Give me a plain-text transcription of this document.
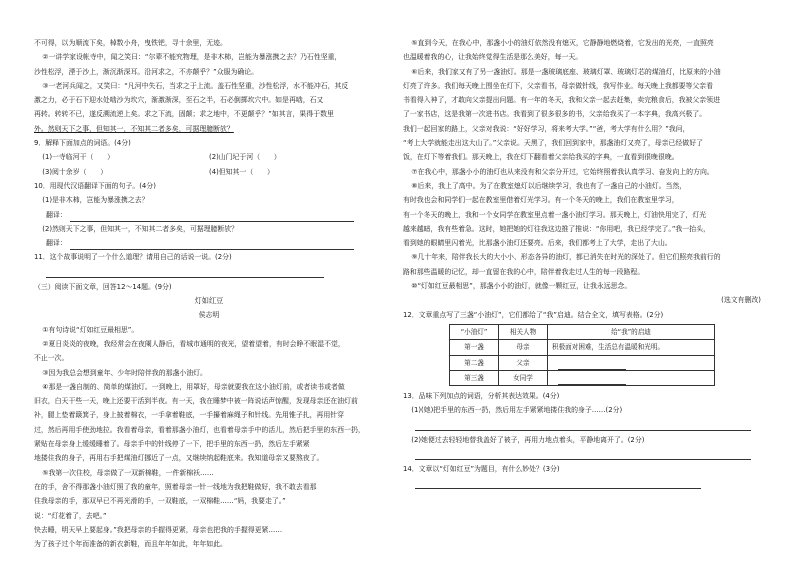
不可得，以为顺流下矣，棹数小舟，曳铁钯，寻十余里，无迹。

②一讲学家设帐寺中，闻之笑曰：“尔辈不能究物理，是非木柿，岂能为暴涨携之去？乃石性坚重，

沙性松浮，湮于沙上，渐沉渐深耳。沿河求之，不亦颠乎？”众服为确论。

③一老河兵闻之，又笑曰：“凡河中失石，当求之于上流。盖石性坚重，沙性松浮，水不能冲石，其反

激之力，必于石下迎水处啮沙为坎穴，渐激渐深，至石之半，石必倒掷坎穴中。如是再啮，石又

再转。转转不已，遂反溯流逆上矣。求之下流，固颠；求之地中，不更颠乎？”如其言，果得于数里

外。然则天下之事，但知其一，不知其二者多矣，可据理臆断欤？

9．解释下面加点的词语。(4分)

(1)一寺临河干（　　）	(2)山门圮于河（　　）
(3)阅十余岁（　　）	(4)但知其一（　　）

10．用现代汉语翻译下面的句子。(4分)

(1)是非木柿，岂能为暴涨携之去？

翻译：

(2)然则天下之事，但知其一，不知其二者多矣，可据理臆断欤？

翻译：

11．这个故事说明了一个什么道理？请用自己的话说一说。(2分)

（三）阅读下面文章，回答12～14题。(9分)

灯如红豆

侯志明

①有句诗说“灯如红豆最相思”。

②夏日炎炎的夜晚，我经常会在夜阑人静后，看城市通明的夜光，望着望着，有时会睁不眠湿不觉，

不止一次。

③因为我总会想到童年、少年时陪伴我的那盏小油灯。

④那是一盏自制的、简单的煤油灯。一到晚上，用罩好，母亲就要我在这小油灯前，或者读书或者做

旧衣，白天干些一天，晚上还要干活到半夜。有一天，我在睡梦中被一阵说话声惊醒，发现母亲还在油灯前

补，腿上垫着簸箕子，身上披着棉衣，一手拿着鞋底，一手攥着麻绳子和针线。先用锥子扎，再用针穿

过，然后再用手使劲地拉。我看着母亲，看着那盏小油灯，也看着母亲手中的活儿，然后把手里的东西一扔，

紧贴在母亲身上缓缓睡着了。母亲手中的针线停了一下，把手里的东西一扔，然后左手紧紧

地搂住我的身子，再用右手把煤油灯挪近了一点，又继续纳起鞋底来。我知道母亲又要熬夜了。

⑤我第一次住校，母亲做了一双新棉鞋，一件新棉袄……

在的手，舍不得那盏小油灯照了我的童年，照着母亲一针一线地为我把鞋做好，我不敢去看那

住我母亲的手，那双早已不再光滑的手，一双鞋底，一双棉鞋……“妈，我要走了。”

说：“灯花着了，去吧。”

快去睡，明天早上要起身。”我把母亲的手握得更紧，母亲也把我的手握得更紧……

为了孩子过个年而准备的新衣新鞋，而且年年如此，年年如此。

⑤直到今天，在我心中，那盏小小的油灯依然没有熄灭，它静静地燃烧着，它发出的光亮，一直照亮

也温暖着我的心，让我始终觉得生活是那么美好，每一天。

⑥后来，我们家又有了另一盏油灯。那是一盏玻璃底座、玻璃灯罩、玻璃灯芯的煤油灯，比原来的小油

灯亮了许多。我们每天晚上围坐在灯下，父亲看书，母亲做针线，我写作业。每天晚上我都要等父亲看

书看得入神了，才敢向父亲提出问题。有一年的冬天，我和父亲一起去赶集，卖完粮食后，我被父亲领进

了一家书店，这是我第一次进书店。我看到了很多很多的书，父亲给我买了一本字典，我高兴极了。

我们一起回家的路上，父亲对我说：“好好学习，将来考大学。”“爸，考大学有什么用？”我问，

“考上大学就能走出这大山了。”父亲说。天黑了，我们回到家中，那盏油灯又亮了，母亲已经做好了

饭，在灯下等着我们。那天晚上，我在灯下翻看着父亲给我买的字典，一直看到很晚很晚。

⑦在我心中，那盏小小的油灯也从来没有和父亲分开过，它始终照着我认真学习、奋发向上的方向。

⑧后来，我上了高中。为了在教室熄灯以后继续学习，我也有了一盏自己的小油灯。当然，

有时我也会和同学们一起在教室里借着灯光学习。有一个冬天的晚上，我们在教室里学习，

有一个冬天的晚上，我和一个女同学在教室里点着一盏小油灯学习。那天晚上，灯油快用完了，灯光

越来越暗，我有些着急。这时，她把她的灯往我这边推了推说：“你用吧，我已经学完了。”我一抬头，

看到她的眼睛里闪着光，比那盏小油灯还要亮。后来，我们都考上了大学，走出了大山。

⑨几十年来，陪伴我长大的大小小、形态各异的油灯，都已消失在时光的深处了。但它们照亮我前行的

路和那些温暖的记忆，却一直留在我的心中，陪伴着我走过人生的每一段路程。

⑩“灯如红豆最相思”，那盏小小的油灯，就像一颗红豆，让我永远思念。

(选文有删改)

12．文章重点写了三盏“小油灯”，它们都给了“我”启迪。结合全文，填写表格。(2分)

“小油灯”	相关人物	给“我”的启迪
第一盏	母亲	积极面对困难，生活总有温暖和光明。
第二盏	父亲	
第三盏	女同学	

13．品味下列加点的词语，分析其表达效果。(4分)

(1)(她)把手里的东西一扔，然后用左手紧紧地搂住我的身子……(2分)

(2)她便过去轻轻地替我盖好了被子，再用力地点着头，平静地离开了。(2分)

14．文章以“灯如红豆”为题目，有什么妙处？(3分)
